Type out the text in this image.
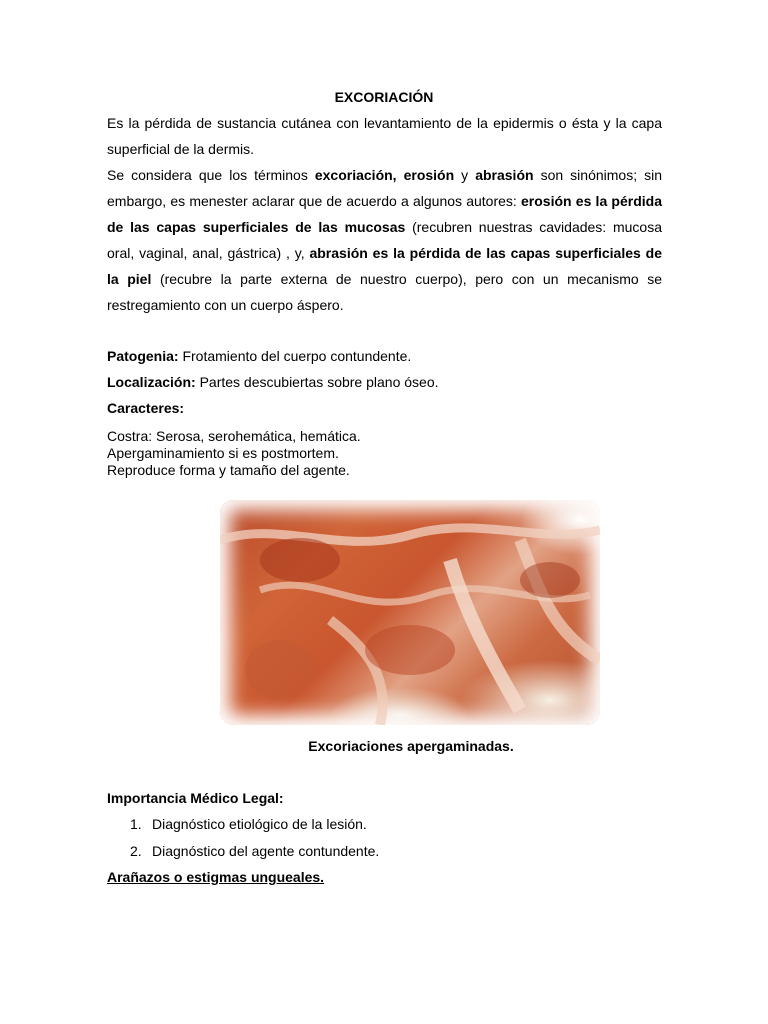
EXCORIACIÓN
Es la pérdida de sustancia cutánea con levantamiento de la epidermis o ésta y la capa superficial de la dermis.
Se considera que los términos excoriación, erosión y abrasión son sinónimos; sin embargo, es menester aclarar que de acuerdo a algunos autores: erosión es la pérdida de las capas superficiales de las mucosas (recubren nuestras cavidades: mucosa oral, vaginal, anal, gástrica) , y, abrasión es la pérdida de las capas superficiales de la piel (recubre la parte externa de nuestro cuerpo), pero con un mecanismo se restregamiento con un cuerpo áspero.
Patogenia: Frotamiento del cuerpo contundente.
Localización: Partes descubiertas sobre plano óseo.
Caracteres:
Costra: Serosa, serohemática, hemática.
Apergaminamiento si es postmortem.
Reproduce forma y tamaño del agente.
Excoriaciones apergaminadas.
Importancia Médico Legal:
1. Diagnóstico etiológico de la lesión.
2. Diagnóstico del agente contundente.
Arañazos o estigmas ungueales.
